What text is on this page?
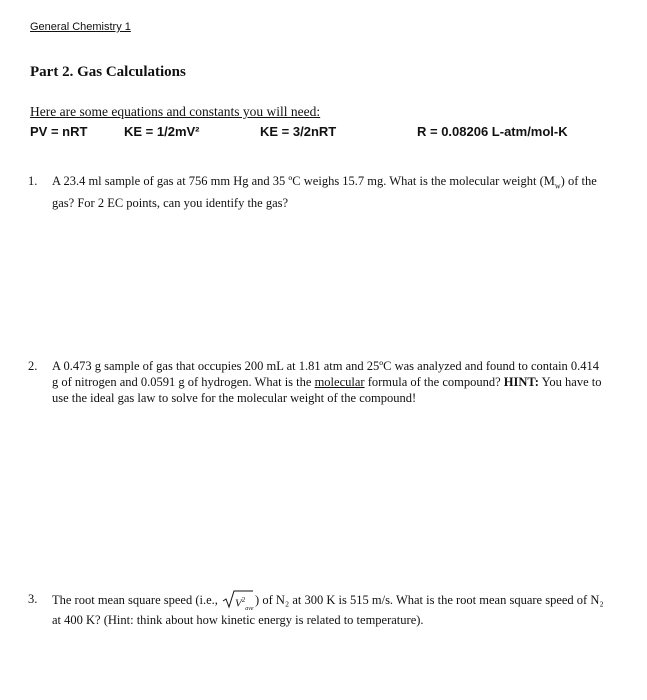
General Chemistry 1
Part 2. Gas Calculations
Here are some equations and constants you will need:
PV = nRT	KE = 1/2mV²	KE = 3/2nRT	R = 0.08206 L-atm/mol-K
1.	A 23.4 ml sample of gas at 756 mm Hg and 35 ºC weighs 15.7 mg. What is the molecular weight $(M_w)$ of the gas? For 2 EC points, can you identify the gas?
2.	A 0.473 g sample of gas that occupies 200 mL at 1.81 atm and 25ºC was analyzed and found to contain 0.414 g of nitrogen and 0.0591 g of hydrogen. What is the molecular formula of the compound? HINT: You have to use the ideal gas law to solve for the molecular weight of the compound!
3.	The root mean square speed (i.e., $V^2_{ave}$
) of N₂ at 300 K is 515 m/s. What is the root mean square speed of N₂ at 400 K? (Hint: think about how kinetic energy is related to temperature).
